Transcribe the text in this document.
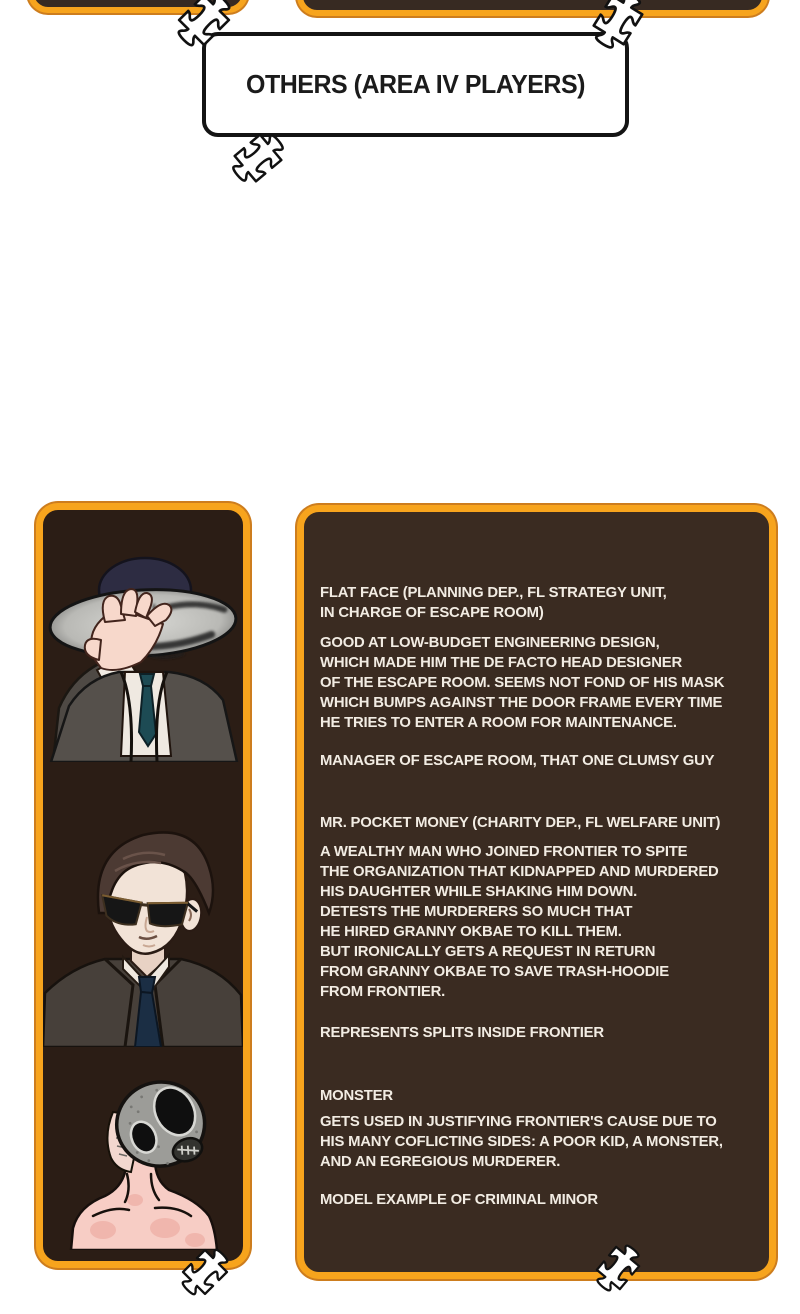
OTHERS (AREA IV PLAYERS)
FLAT FACE (PLANNING DEP., FL STRATEGY UNIT,
IN CHARGE OF ESCAPE ROOM)
GOOD AT LOW-BUDGET ENGINEERING DESIGN,
WHICH MADE HIM THE DE FACTO HEAD DESIGNER
OF THE ESCAPE ROOM. SEEMS NOT FOND OF HIS MASK
WHICH BUMPS AGAINST THE DOOR FRAME EVERY TIME
HE TRIES TO ENTER A ROOM FOR MAINTENANCE.
MANAGER OF ESCAPE ROOM, THAT ONE CLUMSY GUY
MR. POCKET MONEY (CHARITY DEP., FL WELFARE UNIT)
A WEALTHY MAN WHO JOINED FRONTIER TO SPITE
THE ORGANIZATION THAT KIDNAPPED AND MURDERED
HIS DAUGHTER WHILE SHAKING HIM DOWN.
DETESTS THE MURDERERS SO MUCH THAT
HE HIRED GRANNY OKBAE TO KILL THEM.
BUT IRONICALLY GETS A REQUEST IN RETURN
FROM GRANNY OKBAE TO SAVE TRASH-HOODIE
FROM FRONTIER.
REPRESENTS SPLITS INSIDE FRONTIER
MONSTER
GETS USED IN JUSTIFYING FRONTIER'S CAUSE DUE TO
HIS MANY COFLICTING SIDES: A POOR KID, A MONSTER,
AND AN EGREGIOUS MURDERER.
MODEL EXAMPLE OF CRIMINAL MINOR
